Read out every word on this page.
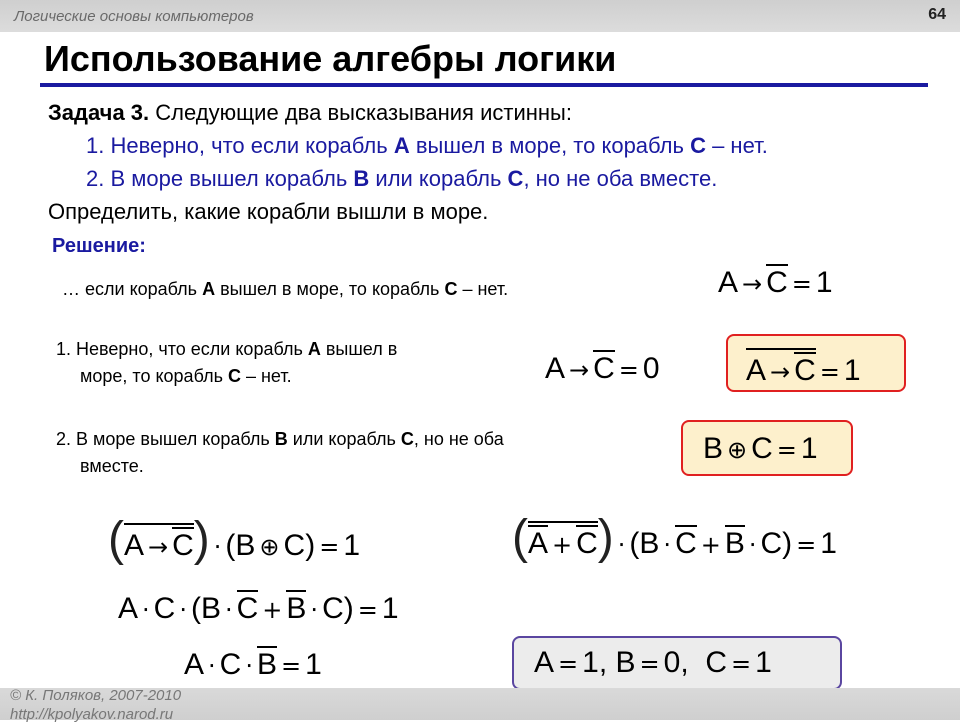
Логические основы компьютеров	64
Использование алгебры логики
Задача 3. Следующие два высказывания истинны:
1. Неверно, что если корабль A вышел в море, то корабль C – нет.
2. В море вышел корабль B или корабль C, но не оба вместе.
Определить, какие корабли вышли в море.
Решение:
… если корабль A вышел в море, то корабль C – нет.	A → C = 1
1. Неверно, что если корабль A вышел в
море, то корабль C – нет.	A → C = 0	A → C = 1
2. В море вышел корабль B или корабль C, но не оба
вместе.
B ⊕ C = 1
(A → C) ⋅ (B ⊕ C) = 1	(A + C) ⋅ (B ⋅ C + B ⋅ C) = 1
A ⋅ C ⋅ (B ⋅ C + B ⋅ C) = 1
A ⋅ C ⋅ B = 1	A = 1, B = 0, C = 1
© К. Поляков, 2007-2010
http://kpolyakov.narod.ru
